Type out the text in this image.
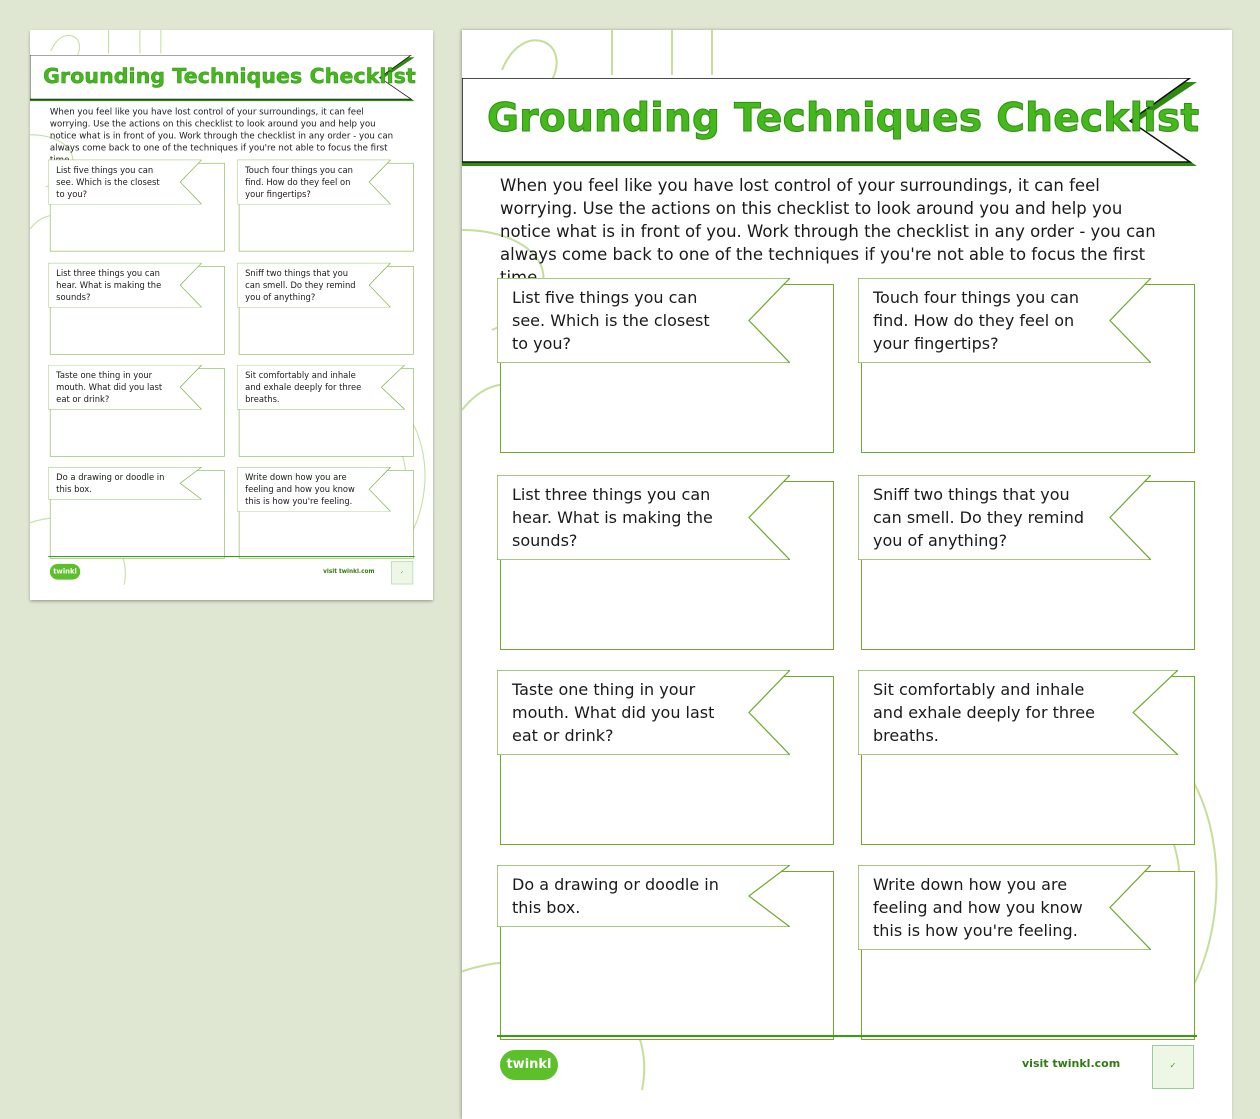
Grounding Techniques Checklist
When you feel like you have lost control of your surroundings, it can feel worrying. Use the actions on this checklist to look around you and help you notice what is in front of you. Work through the checklist in any order - you can always come back to one of the techniques if you're not able to focus the first
List five things you can see. Which is the closest to you?
Touch four things you can find. How do they feel on your fingertips?
List three things you can hear. What is making the sounds?
Sniff two things that you can smell. Do they remind you of anything?
Taste one thing in your mouth. What did you last eat or drink?
Sit comfortably and inhale and exhale deeply for three breaths.
Do a drawing or doodle in this box.
Write down how you are feeling and how you know this is how you're feeling.
twinkl	visit twinkl.com	✓
Grounding Techniques Checklist
When you feel like you have lost control of your surroundings, it can feel worrying. Use the actions on this checklist to look around you and help you notice what is in front of you. Work through the checklist in any order - you can always come back to one of the techniques if you're not able to focus the first
List five things you can see. Which is the closest to you?
Touch four things you can find. How do they feel on your fingertips?
List three things you can hear. What is making the sounds?
Sniff two things that you can smell. Do they remind you of anything?
Taste one thing in your mouth. What did you last eat or drink?
Sit comfortably and inhale and exhale deeply for three breaths.
Do a drawing or doodle in this box.
Write down how you are feeling and how you know this is how you're feeling.
twinkl	visit twinkl.com	✓
